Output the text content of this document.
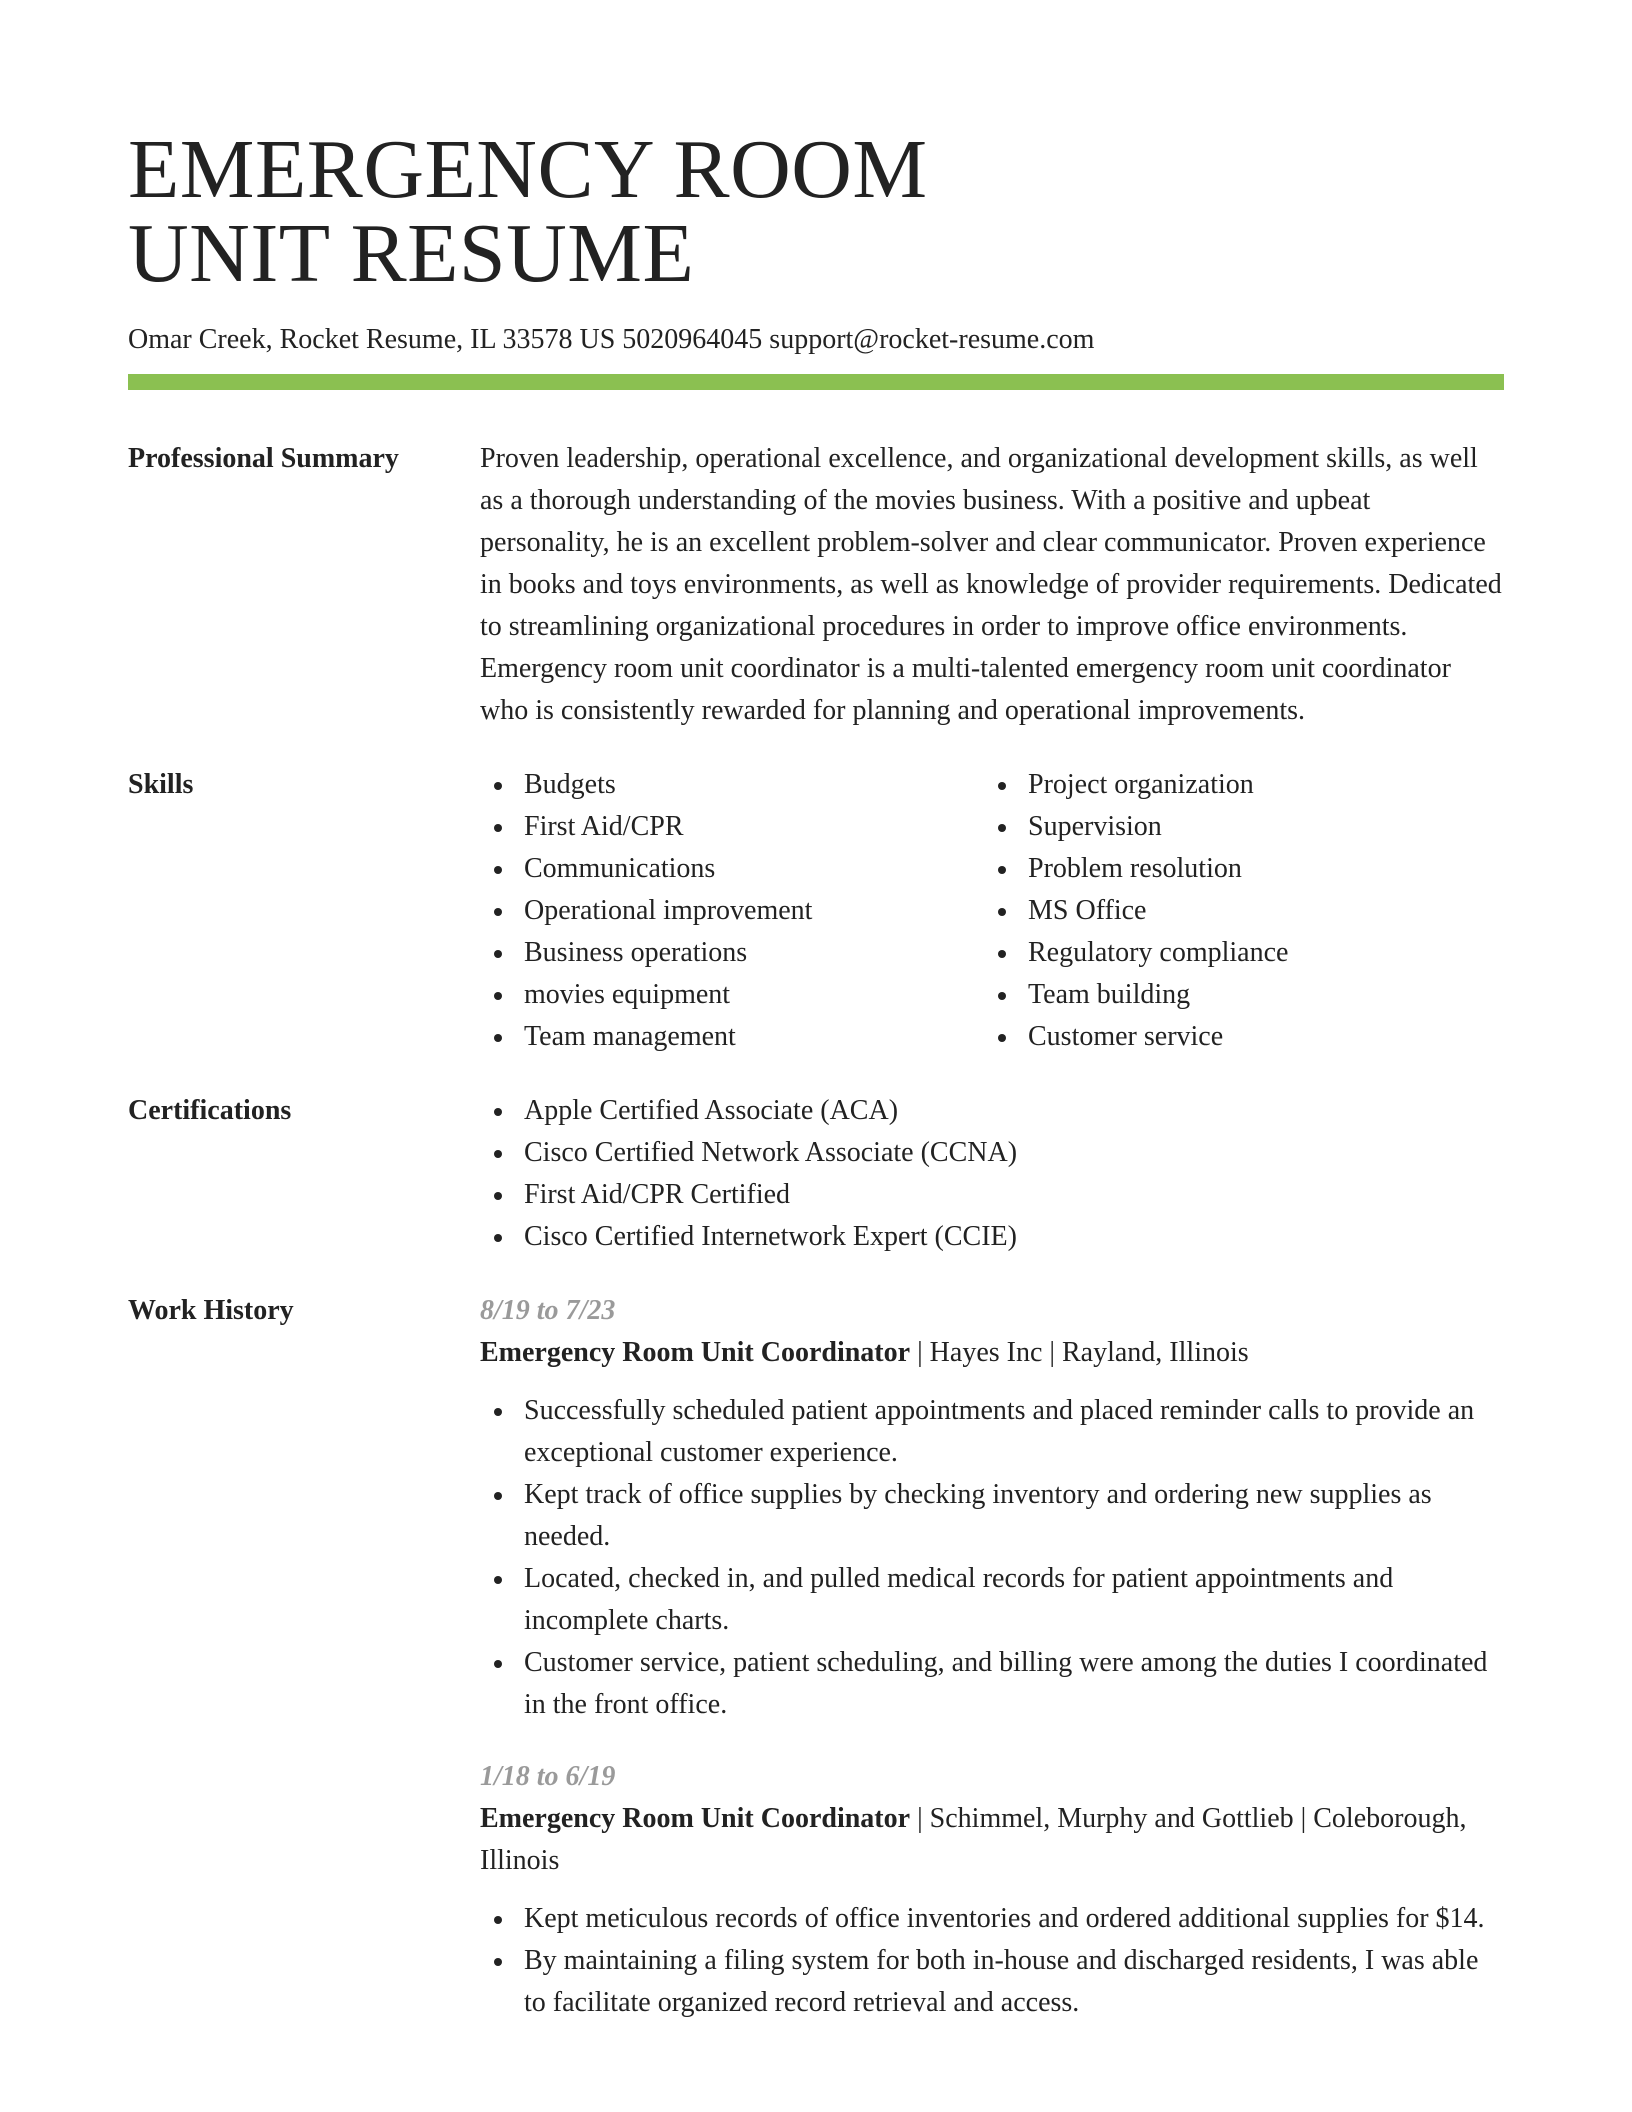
EMERGENCY ROOM
UNIT RESUME
Omar Creek, Rocket Resume, IL 33578 US 5020964045 support@rocket-resume.com
Professional Summary	Proven leadership, operational excellence, and organizational development skills, as well as a thorough understanding of the movies business. With a positive and upbeat personality, he is an excellent problem-solver and clear communicator. Proven experience in books and toys environments, as well as knowledge of provider requirements. Dedicated to streamlining organizational procedures in order to improve office environments. Emergency room unit coordinator is a multi-talented emergency room unit coordinator who is consistently rewarded for planning and operational improvements.
Skills	Budgets
First Aid/CPR
Communications
Operational improvement
Business operations
movies equipment
Team management
Project organization
Supervision
Problem resolution
MS Office
Regulatory compliance
Team building
Customer service
Certifications	Apple Certified Associate (ACA)
Cisco Certified Network Associate (CCNA)
First Aid/CPR Certified
Cisco Certified Internetwork Expert (CCIE)
Work History	8/19 to 7/23
Emergency Room Unit Coordinator | Hayes Inc | Rayland, Illinois
Successfully scheduled patient appointments and placed reminder calls to provide an exceptional customer experience.
Kept track of office supplies by checking inventory and ordering new supplies as needed.
Located, checked in, and pulled medical records for patient appointments and incomplete charts.
Customer service, patient scheduling, and billing were among the duties I coordinated in the front office.
1/18 to 6/19
Emergency Room Unit Coordinator | Schimmel, Murphy and Gottlieb | Coleborough, Illinois
Kept meticulous records of office inventories and ordered additional supplies for $14.
By maintaining a filing system for both in-house and discharged residents, I was able to facilitate organized record retrieval and access.
